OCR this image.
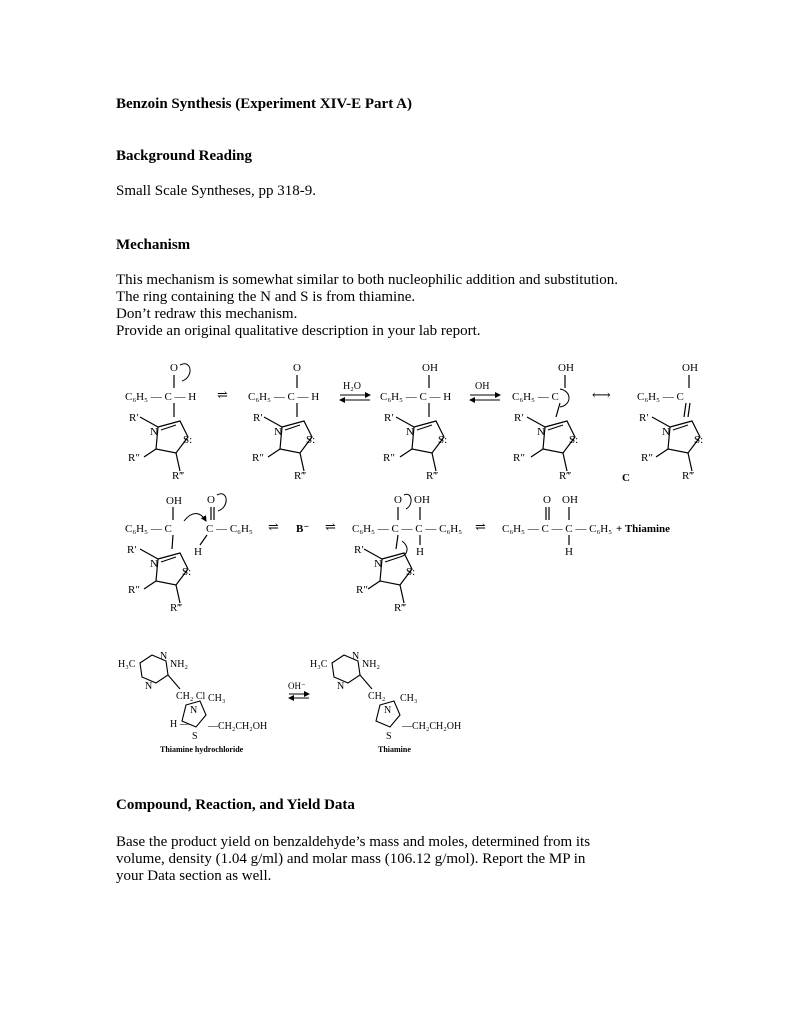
Benzoin Synthesis (Experiment XIV-E Part A)
Background Reading
Small Scale Syntheses, pp 318-9.
Mechanism
This mechanism is somewhat similar to both nucleophilic addition and substitution.
The ring containing the N and S is from thiamine.
Don’t redraw this mechanism.
Provide an original qualitative description in your lab report.
C₆H₅ — C — H
O
R′
N
S:
R″
R‴
⇌ C₆H₅ — C — H
O
R′
N
S:
R″
R‴
H₂O
C₆H₅ — C — H
OH
R′
N
S:
R″
R‴
OH
C₆H₅ — C
OH
R′
N
S:
R″
R‴
⟷ C₆H₅ — C
OH
R′
N
S:
R″
R‴
C
C₆H₅ — C
OH
R′
N
S:
R″
R‴
C — C₆H₅
O
H
⇌ B⁻ ⇌ C₆H₅ — C — C — C₆H₅
O OH
H
R′
N
S:
R″
R‴
⇌ C₆H₅ — C — C — C₆H₅
O OH
H
+ Thiamine
H₃C
N
N
NH₂
CH₂ Cl CH₃
N
S
H — —CH₂CH₂OH
Thiamine hydrochloride
OH⁻
H₃C
N
N
NH₂
CH₂ CH₃
N
S
—CH₂CH₂OH
Thiamine
Compound, Reaction, and Yield Data
Base the product yield on benzaldehyde’s mass and moles, determined from its
volume, density (1.04 g/ml) and molar mass (106.12 g/mol). Report the MP in
your Data section as well.
